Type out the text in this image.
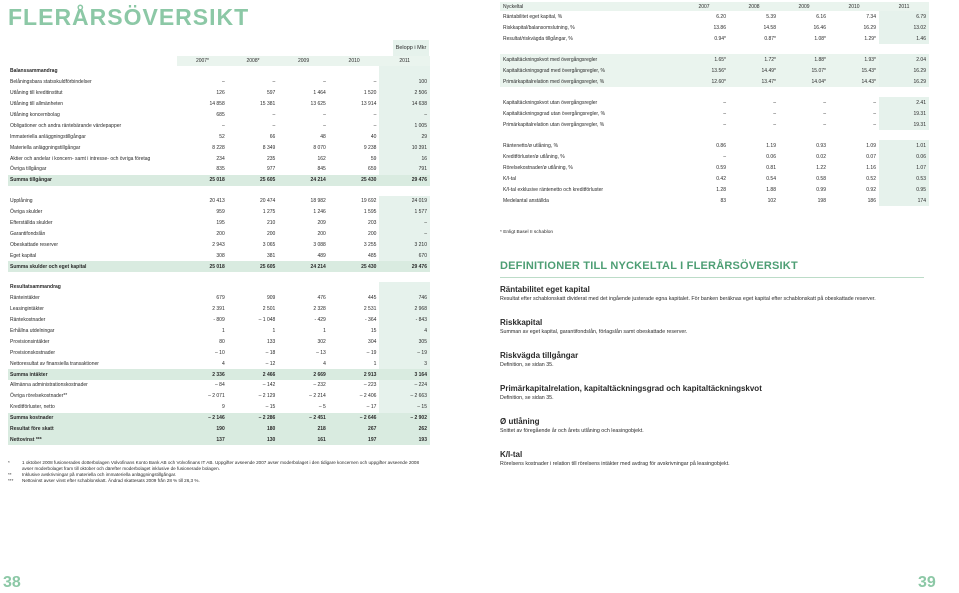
FLERÅRSÖVERSIKT
Belopp i Mkr
	2007*	2008*	2009	2010	2011
Balanssammandrag					
Belåningsbara statsskuldförbindelser	–	–	–	–	100
Utlåning till kreditinstitut	126	597	1 464	1 520	2 506
Utlåning till allmänheten	14 858	15 381	13 625	13 914	14 638
Utlåning koncernbolag	685	–	–	–	–
Obligationer och andra räntebärande värdepapper	–	–	–	–	1 005
Immateriella anläggningstillgångar	52	66	48	40	29
Materiella anläggningstillgångar	8 228	8 349	8 070	9 238	10 391
Aktier och andelar i koncern- samt i intresse- och övriga företag	234	235	162	59	16
Övriga tillgångar	835	977	845	659	791
Summa tillgångar	25 018	25 605	24 214	25 430	29 476

Upplåning	20 413	20 474	18 982	19 692	24 019
Övriga skulder	959	1 275	1 246	1 595	1 577
Efterställda skulder	195	210	209	203	–
Garantifondslån	200	200	200	200	–
Obeskattade reserver	2 943	3 065	3 088	3 255	3 210
Eget kapital	308	381	489	485	670
Summa skulder och eget kapital	25 018	25 605	24 214	25 430	29 476

Resultatsammandrag					
Ränteintäkter	679	909	476	445	746
Leasingintäkter	2 391	2 501	2 328	2 531	2 968
Räntekostnader	- 809	– 1 048	- 429	- 364	- 843
Erhållna utdelningar	1	1	1	15	4
Provisionsintäkter	80	133	302	304	305
Provisionskostnader	– 10	– 18	– 13	– 19	– 19
Nettoresultat av finansiella transaktioner	4	– 12	4	1	3
Summa intäkter	2 336	2 466	2 669	2 913	3 164
Allmänna administrationskostnader	– 84	– 142	– 232	– 223	– 224
Övriga rörelsekostnader**	– 2 071	– 2 129	– 2 214	– 2 406	– 2 663
Kreditförluster, netto	9	– 15	– 5	– 17	– 15
Summa kostnader	– 2 146	– 2 286	– 2 451	– 2 646	– 2 902
Resultat före skatt	190	180	218	267	262
Nettovinst ***	137	130	161	197	193
*	1 oktober 2008 fusionerades dotterbolagen Volvofinans Konto Bank AB och Volvofinans IT AB. Uppgifter avseende 2007 avser moderbolaget i den tidigare koncernen och uppgifter avseende 2008 avser moderbolaget fram till oktober och därefter moderbolaget inklusive de fusionerade bolagen.
**	Inklusive avskrivningar på materiella och immateriella anläggningstillgångar.
***	Nettovinst avser vinst efter schablonskatt. Ändrad skattesats 2009 från 28 % till 26,3 %.
Nyckeltal	2007	2008	2009	2010	2011
Räntabilitet eget kapital, %	6.20	5.39	6.16	7.34	6.79
Riskkapital/balansomslutning, %	13.86	14.58	16.46	16.29	13.02
Resultat/riskvägda tillgångar, %	0.94*	0.87*	1.08*	1.29*	1.46

Kapitaltäckningskvot med övergångsregler	1.65*	1.72*	1.88*	1.93*	2.04
Kapitaltäckningsgrad med övergångsregler, %	13.56*	14.49*	15.07*	15.43*	16.29
Primärkapitalrelation med övergångsregler, %	12.60*	13.47*	14.04*	14.43*	16.29

Kapitaltäckningskvot utan övergångsregler	–	–	–	–	2.41
Kapitaltäckningsgrad utan övergångsregler, %	–	–	–	–	19.31
Primärkapitalrelation utan övergångsregler, %	–	–	–	–	19.31

Räntenetto/ø utlåning, %	0.86	1.19	0.93	1.09	1.01
Kreditförluster/ø utlåning, %	–	0.06	0.02	0.07	0.06
Rörelsekostnader/ø utlåning, %	0.59	0.81	1.22	1.16	1.07
K/I-tal	0.42	0.54	0.58	0.52	0.53
K/I-tal exklusive räntenetto och kreditförluster	1.28	1.88	0.99	0.92	0.95
Medelantal anställda	83	102	198	186	174
* Enligt Basel II schablon
DEFINITIONER TILL NYCKELTAL I FLERÅRSÖVERSIKT
Räntabilitet eget kapital
Resultat efter schablonskatt dividerat med det ingående justerade egna kapitalet. För banken beräknas eget kapital efter schablonskatt på obeskattade reserver.
Riskkapital
Summan av eget kapital, garantifondslån, förlagslån samt obeskattade reserver.
Riskvägda tillgångar
Definition, se sidan 35.
Primärkapitalrelation, kapitaltäckningsgrad och kapitaltäckningskvot
Definition, se sidan 35.
Ø utlåning
Snittet av föregående år och årets utlåning och leasingobjekt.
K/I-tal
Rörelsens kostnader i relation till rörelsens intäkter med avdrag för avskrivningar på leasingobjekt.
38	39
